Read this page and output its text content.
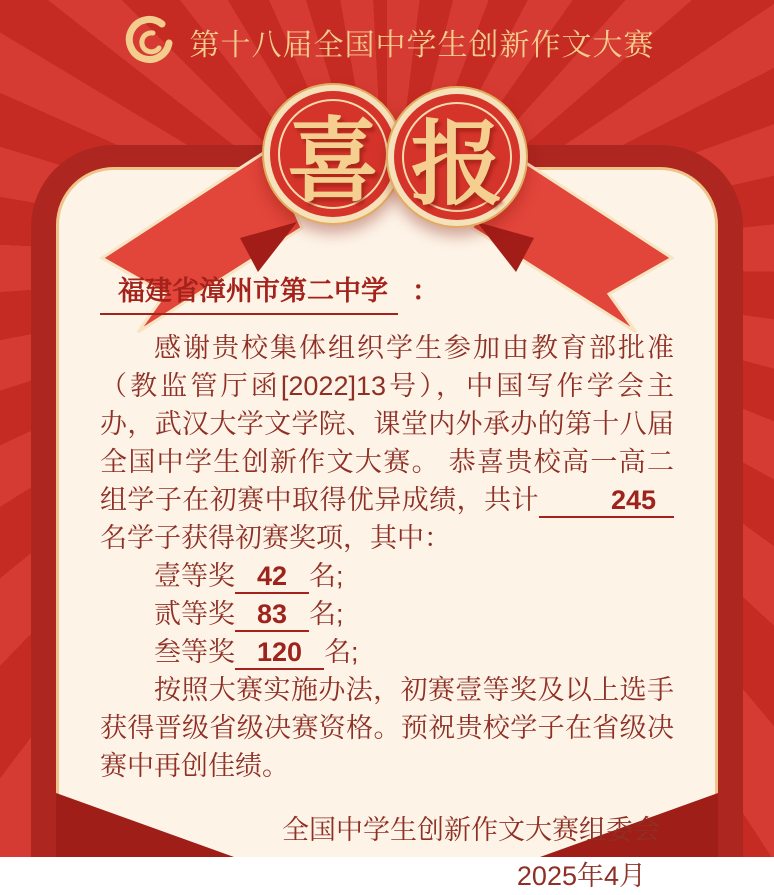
第十八届全国中学生创新作文大赛
喜 报

福建省漳州市第二中学 ：

感谢贵校集体组织学生参加由教育部批准（教监管厅函[2022]13号），中国写作学会主办，武汉大学文学院、课堂内外承办的第十八届全国中学生创新作文大赛。 恭喜贵校高一高二组学子在初赛中取得优异成绩，共计	245名学子获得初赛奖项，其中：

壹等奖 42 名;

贰等奖 83 名;

叁等奖 120 名;

按照大赛实施办法，初赛壹等奖及以上选手获得晋级省级决赛资格。预祝贵校学子在省级决赛中再创佳绩。

全国中学生创新作文大赛组委会

2025年4月
